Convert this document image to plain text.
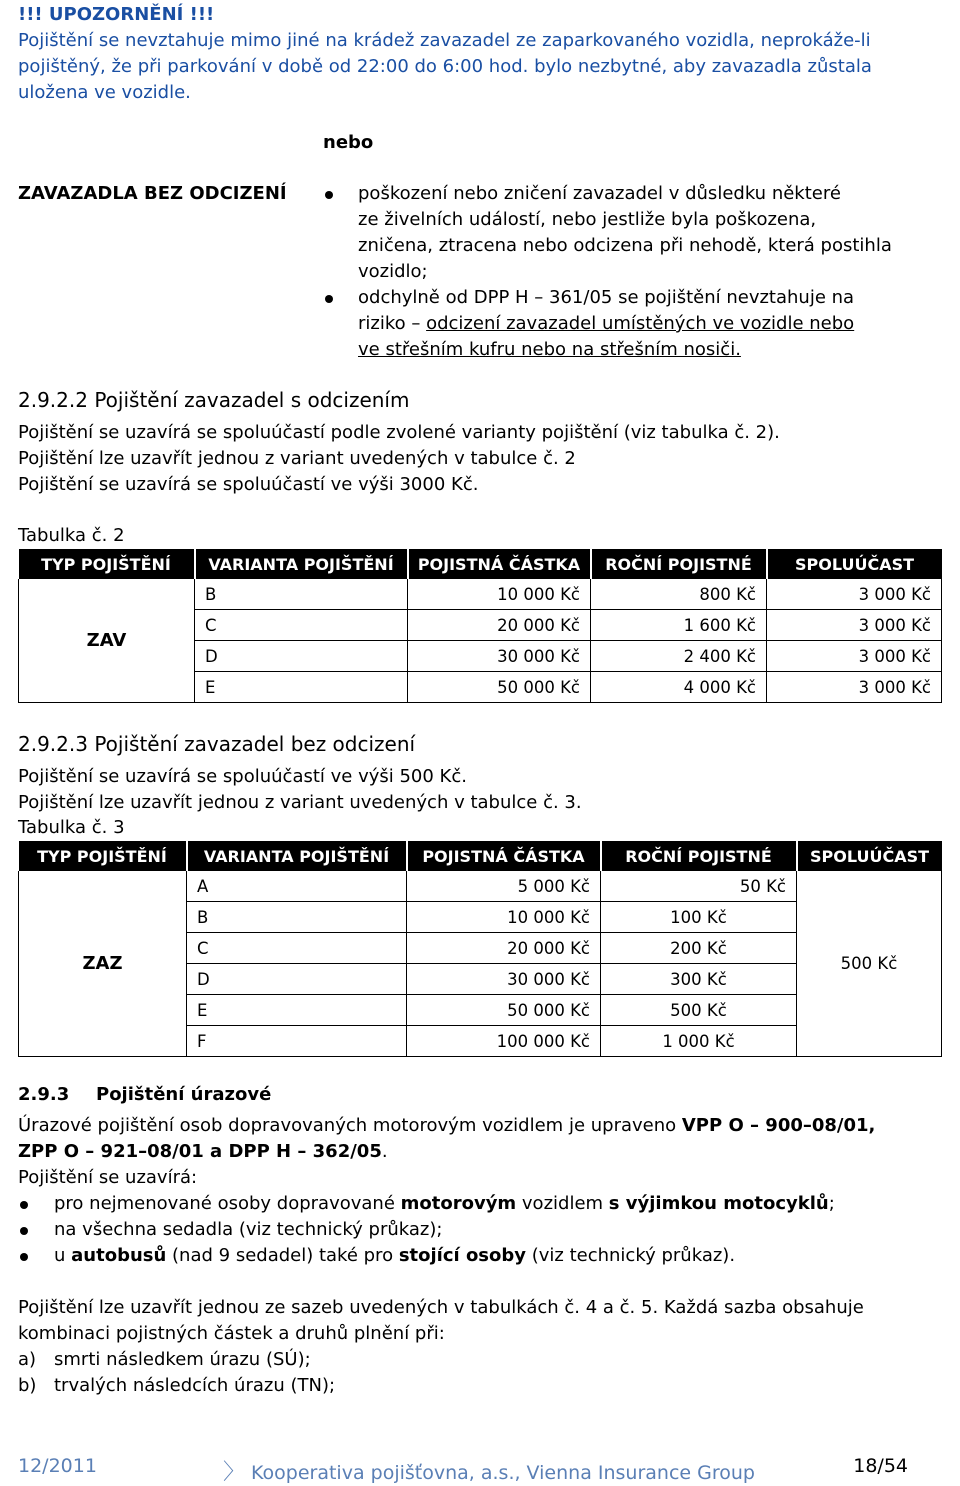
!!! UPOZORNĚNÍ !!!
Pojištění se nevztahuje mimo jiné na krádež zavazadel ze zaparkovaného vozidla, neprokáže-li
pojištěný, že při parkování v době od 22:00 do 6:00 hod. bylo nezbytné, aby zavazadla zůstala
uložena ve vozidle.
nebo
ZAVAZADLA BEZ ODCIZENÍ	poškození nebo zničení zavazadel v důsledku některé
ze živelních událostí, nebo jestliže byla poškozena,
zničena, ztracena nebo odcizena při nehodě, která postihla
vozidlo;
odchylně od DPP H – 361/05 se pojištění nevztahuje na
riziko – odcizení zavazadel umístěných ve vozidle nebo
ve střešním kufru nebo na střešním nosiči.
2.9.2.2 Pojištění zavazadel s odcizením
Pojištění se uzavírá se spoluúčastí podle zvolené varianty pojištění (viz tabulka č. 2).
Pojištění lze uzavřít jednou z variant uvedených v tabulce č. 2
Pojištění se uzavírá se spoluúčastí ve výši 3000 Kč.
Tabulka č. 2
TYP POJIŠTĚNÍ	VARIANTA POJIŠTĚNÍ	POJISTNÁ ČÁSTKA	ROČNÍ POJISTNÉ	SPOLUÚČAST
ZAV	B	10 000 Kč	800 Kč	3 000 Kč
	C	20 000 Kč	1 600 Kč	3 000 Kč
	D	30 000 Kč	2 400 Kč	3 000 Kč
	E	50 000 Kč	4 000 Kč	3 000 Kč
2.9.2.3 Pojištění zavazadel bez odcizení
Pojištění se uzavírá se spoluúčastí ve výši 500 Kč.
Pojištění lze uzavřít jednou z variant uvedených v tabulce č. 3.
Tabulka č. 3
TYP POJIŠTĚNÍ	VARIANTA POJIŠTĚNÍ	POJISTNÁ ČÁSTKA	ROČNÍ POJISTNÉ	SPOLUÚČAST
ZAZ	A	5 000 Kč	50 Kč	500 Kč
	B	10 000 Kč	100 Kč	
	C	20 000 Kč	200 Kč	
	D	30 000 Kč	300 Kč	
	E	50 000 Kč	500 Kč	
	F	100 000 Kč	1 000 Kč	
2.9.3 Pojištění úrazové
Úrazové pojištění osob dopravovaných motorovým vozidlem je upraveno VPP O – 900–08/01,
ZPP O – 921–08/01 a DPP H – 362/05.
Pojištění se uzavírá:
pro nejmenované osoby dopravované motorovým vozidlem s výjimkou motocyklů;
na všechna sedadla (viz technický průkaz);
u autobusů (nad 9 sedadel) také pro stojící osoby (viz technický průkaz).
Pojištění lze uzavřít jednou ze sazeb uvedených v tabulkách č. 4 a č. 5. Každá sazba obsahuje
kombinaci pojistných částek a druhů plnění při:
a) smrti následkem úrazu (SÚ);
b) trvalých následcích úrazu (TN);
12/2011	〉 Kooperativa pojišťovna, a.s., Vienna Insurance Group	18/54
